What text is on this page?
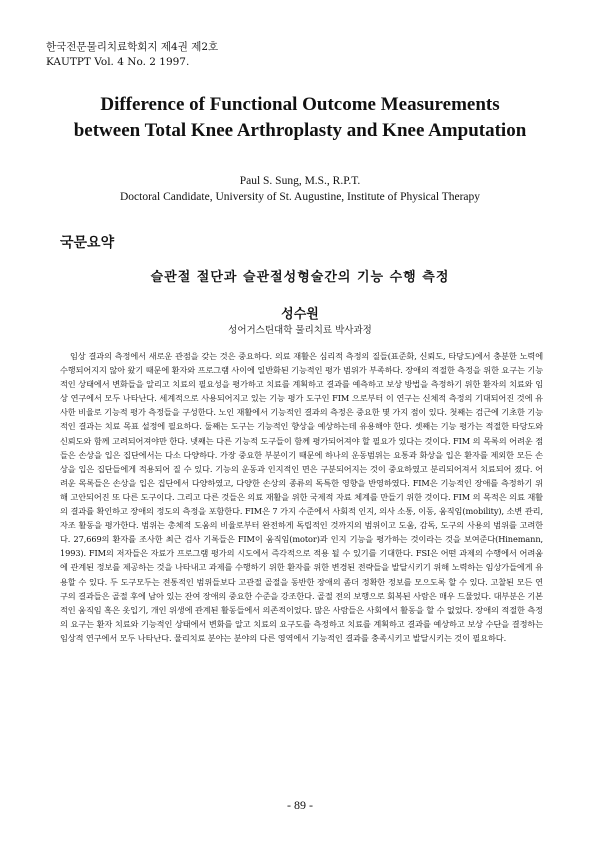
한국전문물리치료학회지 제4권 제2호
KAUTPT Vol. 4 No. 2 1997.
Difference of Functional Outcome Measurements between Total Knee Arthroplasty and Knee Amputation
Paul S. Sung, M.S., R.P.T.
Doctoral Candidate, University of St. Augustine, Institute of Physical Therapy
국문요약
슬관절 절단과 슬관절성형술간의 기능 수행 측정
성수원
성어거스틴대학 물리치료 박사과정
임상 결과의 측정에서 새로운 관점을 갖는 것은 중요하다. 의료 재활은 심리적 측정의 질들(표준화, 신뢰도, 타당도)에서 충분한 노력에 수행되어지지 않아 왔기 때문에 환자와 프로그램 사이에 일반화된 기능적인 평가 범위가 부족하다. 장애의 적절한 측정을 위한 요구는 기능적인 상태에서 변화들을 알리고 치료의 필요성을 평가하고 치료를 계획하고 결과를 예측하고 보상 방법을 측정하기 위한 환자의 치료와 임상 연구에서 모두 나타난다. 세계적으로 사용되어지고 있는 기능 평가 도구인 FIM 으로부터 이 연구는 신체적 측정의 기대되어진 것에 유사한 비율로 기능적 평가 측정들을 구성한다. 노인 재활에서 기능적인 결과의 측정은 중요한 몇 가지 점이 있다. 첫째는 검근에 기초한 기능적인 결과는 치료 목표 설정에 필요하다. 둘째는 도구는 기능적인 향상을 예상하는데 유용해야 한다. 셋째는 기능 평가는 적절한 타당도와 신뢰도와 함께 고려되어져야만 한다. 넷째는 다른 기능적 도구들이 함께 평가되어져야 할 필요가 있다는 것이다. FIM 의 목록의 어려운 점들은 손상을 입은 집단에서는 다소 다양하다. 가장 중요한 부분이기 때문에 하나의 운동범위는 요통과 화상을 입은 환자를 제외한 모든 손상을 입은 집단들에게 적용되어 질 수 있다. 기능의 운동과 인지적인 면은 구분되어지는 것이 중요하였고 분리되어져서 치료되어 졌다. 어려운 목록들은 손상을 입은 집단에서 다양하였고, 다양한 손상의 종류의 독특한 영향을 반영하였다. FIM은 기능적인 장애를 측정하기 위해 고안되어진 또 다른 도구이다. 그리고 다른 것들은 의료 재활을 위한 국제적 자료 체계를 만들기 위한 것이다. FIM 의 목적은 의료 재활의 결과를 확인하고 장애의 정도의 측정을 포함한다. FIM은 7 가지 수준에서 사회적 인지, 의사 소통, 이동, 움직임(mobility), 소변 관리, 자조 활동을 평가한다. 범위는 총체적 도움의 비율로부터 완전하게 독립적인 것까지의 범위이고 도움, 감독, 도구의 사용의 범위를 고려한다. 27,669의 환자를 조사한 최근 검사 기록들은 FIM이 움직임(motor)과 인지 기능을 평가하는 것이라는 것을 보여준다(Hinemann, 1993). FIM의 저자들은 자료가 프로그램 평가의 시도에서 즉각적으로 적용 될 수 있기를 기대한다. FSI은 어떤 과제의 수행에서 어려움에 관계된 정보를 제공하는 것을 나타내고 과제를 수행하기 위한 환자를 위한 변경된 전략들을 발달시키기 위해 노력하는 임상가들에게 유용할 수 있다. 두 도구모두는 전통적인 범위들보다 고관절 골절을 동반한 장애의 좀더 정확한 정보를 모으도록 할 수 있다. 고찰된 모든 연구의 결과들은 골절 후에 남아 있는 잔여 장애의 중요한 수준을 강조한다. 골절 전의 보행으로 회복된 사람은 매우 드물었다. 대부분은 기본적인 움직임 혹은 옷입기, 개인 위생에 관계된 활동들에서 의존적이었다. 많은 사람들은 사회에서 활동을 할 수 없었다. 장애의 적절한 측정의 요구는 환자 치료와 기능적인 상태에서 변화를 알고 치료의 요구도를 측정하고 치료를 계획하고 결과를 예상하고 보상 수단을 결정하는 임상적 연구에서 모두 나타난다. 물리치료 분야는 분야의 다른 영역에서 기능적인 결과를 충족시키고 발달시키는 것이 필요하다.
- 89 -
